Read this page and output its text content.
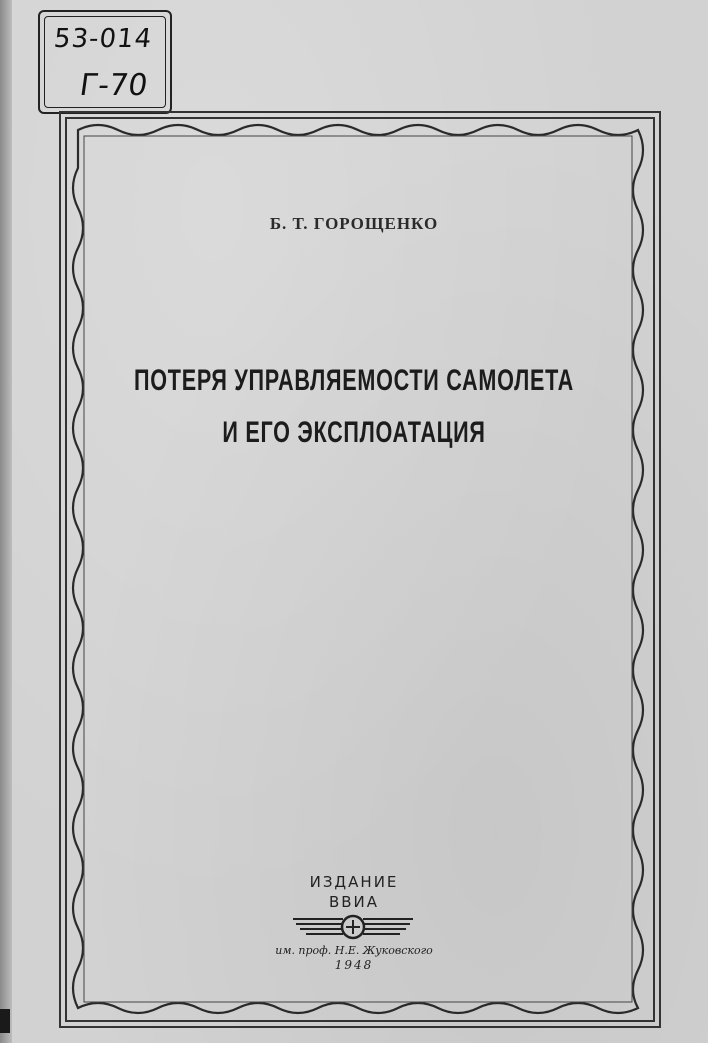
53-014
Г-70
Б. Т. ГОРОЩЕНКО
ПОТЕРЯ УПРАВЛЯЕМОСТИ САМОЛЕТА
И ЕГО ЭКСПЛОАТАЦИЯ
ИЗДАНИЕ
ВВИА
им. проф. Н.Е. Жуковского
1948
